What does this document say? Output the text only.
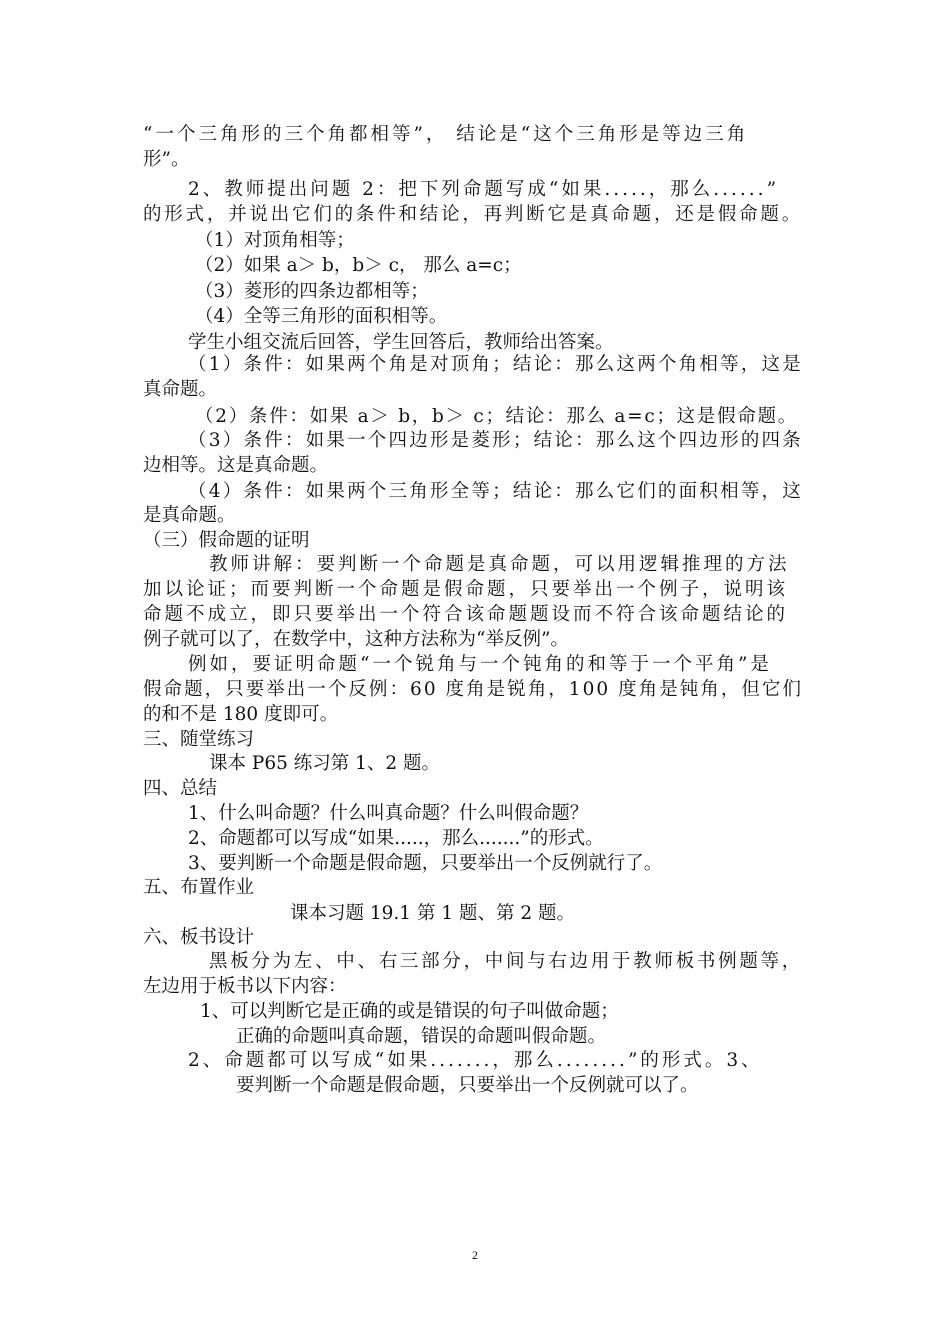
“一个三角形的三个角都相等”， 结论是“这个三角形是等边三角
形”。
2、教师提出问题 2：把下列命题写成“如果.....，那么......”
的形式，并说出它们的条件和结论，再判断它是真命题，还是假命题。
（1）对顶角相等；
（2）如果 a＞ b，b＞ c， 那么 a=c；
（3）菱形的四条边都相等；
（4）全等三角形的面积相等。
学生小组交流后回答，学生回答后，教师给出答案。
（1）条件：如果两个角是对顶角；结论：那么这两个角相等，这是
真命题。
（2）条件：如果 a＞ b，b＞ c；结论：那么 a=c；这是假命题。
（3）条件：如果一个四边形是菱形；结论：那么这个四边形的四条
边相等。这是真命题。
（4）条件：如果两个三角形全等；结论：那么它们的面积相等，这
是真命题。
（三）假命题的证明
教师讲解：要判断一个命题是真命题，可以用逻辑推理的方法
加以论证；而要判断一个命题是假命题，只要举出一个例子，说明该
命题不成立，即只要举出一个符合该命题题设而不符合该命题结论的
例子就可以了，在数学中，这种方法称为“举反例”。
例如，要证明命题“一个锐角与一个钝角的和等于一个平角”是
假命题，只要举出一个反例：60 度角是锐角，100 度角是钝角，但它们
的和不是 180 度即可。
三、随堂练习
课本 P65 练习第 1、2 题。
四、总结
1、什么叫命题？什么叫真命题？什么叫假命题？
2、命题都可以写成“如果.....，那么.......”的形式。
3、要判断一个命题是假命题，只要举出一个反例就行了。
五、布置作业
课本习题 19.1 第 1 题、第 2 题。
六、板书设计
黑板分为左、中、右三部分，中间与右边用于教师板书例题等，
左边用于板书以下内容：
1、可以判断它是正确的或是错误的句子叫做命题；
正确的命题叫真命题，错误的命题叫假命题。
2、命题都可以写成“如果.......，那么........”的形式。3、
要判断一个命题是假命题，只要举出一个反例就可以了。
2
